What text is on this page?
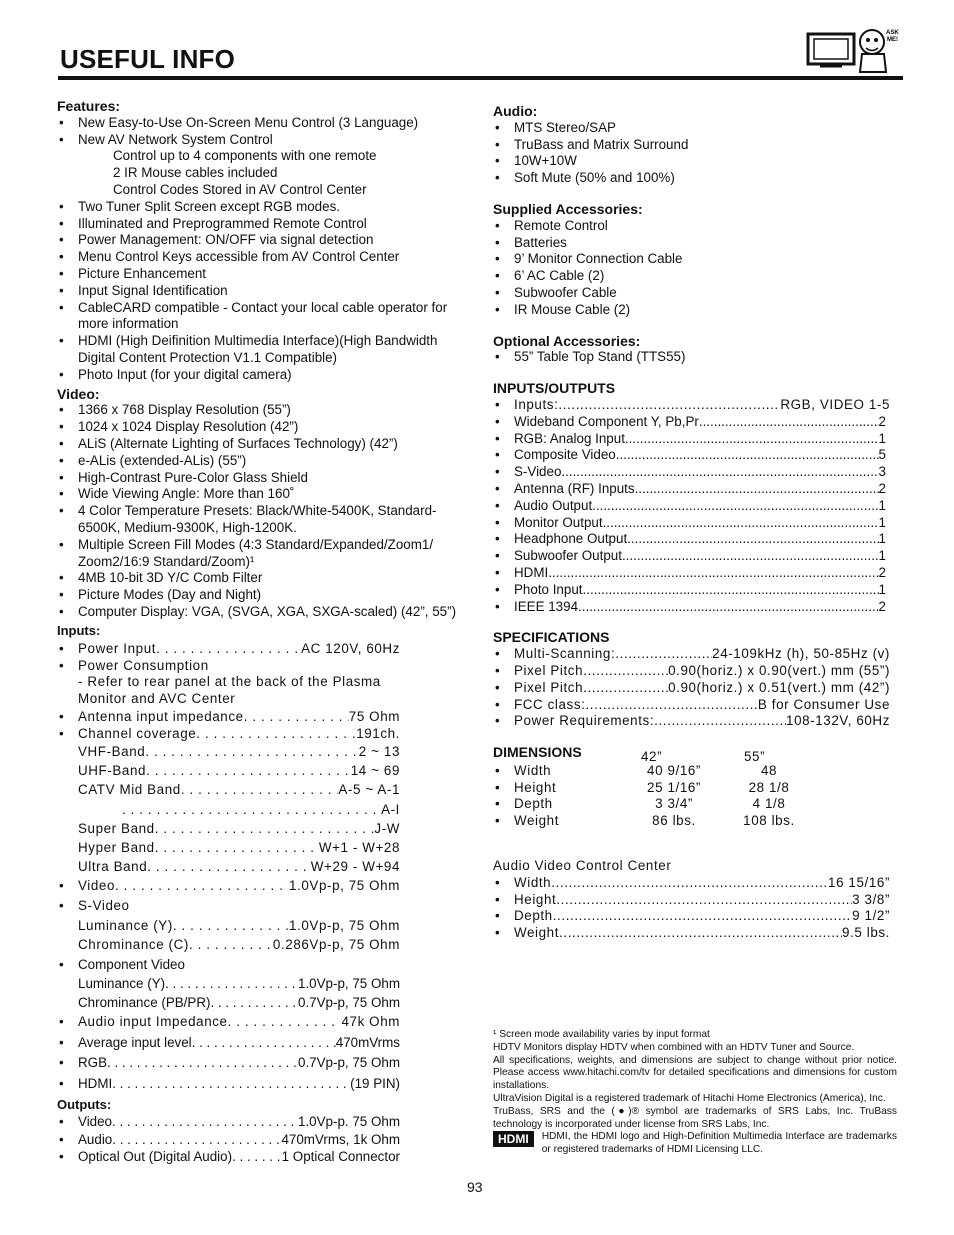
USEFUL INFO
ASK
ME!
Features:
• New Easy-to-Use On-Screen Menu Control (3 Language)
• New AV Network System Control
Control up to 4 components with one remote
2 IR Mouse cables included
Control Codes Stored in AV Control Center
• Two Tuner Split Screen except RGB modes.
• Illuminated and Preprogrammed Remote Control
• Power Management: ON/OFF via signal detection
• Menu Control Keys accessible from AV Control Center
• Picture Enhancement
• Input Signal Identification
• CableCARD compatible - Contact your local cable operator for more information
• HDMI (High Deifinition Multimedia Interface)(High Bandwidth Digital Content Protection V1.1 Compatible)
• Photo Input (for your digital camera)
Video:
• 1366 x 768 Display Resolution (55”)
• 1024 x 1024 Display Resolution (42”)
• ALiS (Alternate Lighting of Surfaces Technology) (42”)
• e-ALis (extended-ALis) (55”)
• High-Contrast Pure-Color Glass Shield
• Wide Viewing Angle: More than 160˚
• 4 Color Temperature Presets: Black/White-5400K, Standard-6500K, Medium-9300K, High-1200K.
• Multiple Screen Fill Modes (4:3 Standard/Expanded/Zoom1/ Zoom2/16:9 Standard/Zoom)¹
• 4MB 10-bit 3D Y/C Comb Filter
• Picture Modes (Day and Night)
• Computer Display: VGA, (SVGA, XGA, SXGA-scaled) (42”, 55”)
Inputs:
• Power Input . . .	AC 120V, 60Hz
• Power Consumption
- Refer to rear panel at the back of the Plasma Monitor and AVC Center
• Antenna input impedance . . .	75 Ohm
• Channel coverage . . .	191ch.
VHF-Band . . .	2 ~ 13
UHF-Band . . .	14 ~ 69
CATV Mid Band . . .	A-5 ~ A-1
. . .
A-I
Super Band . . .	J-W
Hyper Band . . .	W+1 - W+28
Ultra Band . . .	W+29 - W+94
• Video . . .	1.0Vp-p, 75 Ohm
• S-Video
Luminance (Y) . . .	1.0Vp-p, 75 Ohm
Chrominance (C) . . .	0.286Vp-p, 75 Ohm
• Component Video
Luminance (Y) . . .	1.0Vp-p, 75 Ohm
Chrominance (PB/PR) . . .	0.7Vp-p, 75 Ohm
• Audio input Impedance . . .	47k Ohm
• Average input level . . .	470mVrms
• RGB . . .	0.7Vp-p, 75 Ohm
• HDMI . . .	(19 PIN)
Outputs:
• Video . . .	1.0Vp-p. 75 Ohm
• Audio . . .	470mVrms, 1k Ohm
• Optical Out (Digital Audio) . . .	1 Optical Connector
Audio:
• MTS Stereo/SAP
• TruBass and Matrix Surround
• 10W+10W
• Soft Mute (50% and 100%)
Supplied Accessories:
• Remote Control
• Batteries
• 9’ Monitor Connection Cable
• 6’ AC Cable (2)
• Subwoofer Cable
• IR Mouse Cable (2)
Optional Accessories:
• 55” Table Top Stand (TTS55)
INPUTS/OUTPUTS
• Inputs: .....	RGB, VIDEO 1-5
• Wideband Component Y, Pb,Pr .....	2
• RGB: Analog Input .....	1
• Composite Video .....	5
• S-Video .....	3
• Antenna (RF) Inputs .....	2
• Audio Output .....	1
• Monitor Output .....	1
• Headphone Output .....	1
• Subwoofer Output .....	1
• HDMI .....	2
• Photo Input .....	1
• IEEE 1394 .....	2
SPECIFICATIONS
• Multi-Scanning: .....	24-109kHz (h), 50-85Hz (v)
• Pixel Pitch .....	0.90(horiz.) x 0.90(vert.) mm (55”)
• Pixel Pitch .....	0.90(horiz.) x 0.51(vert.) mm (42”)
• FCC class: .....	B for Consumer Use
• Power Requirements: .....	108-132V, 60Hz
DIMENSIONS	42”	55”
• Width	40 9/16”	48
• Height	25 1/16”	28 1/8
• Depth	3 3/4”	4 1/8
• Weight	86 lbs.	108 lbs.
Audio Video Control Center
• Width .....	16 15/16”
• Height .....	3 3/8”
• Depth .....	9 1/2”
• Weight .....	9.5 lbs.
¹ Screen mode availability varies by input format
HDTV Monitors display HDTV when combined with an HDTV Tuner and Source.
All specifications, weights, and dimensions are subject to change without prior notice. Please access www.hitachi.com/tv for detailed specifications and dimensions for custom installations.
UltraVision Digital is a registered trademark of Hitachi Home Electronics (America), Inc.
TruBass, SRS and the (●)® symbol are trademarks of SRS Labs, Inc. TruBass technology is incorporated under license from SRS Labs, Inc.
HDMI	HDMI, the HDMI logo and High-Definition Multimedia Interface are trademarks or registered trademarks of HDMI Licensing LLC.
93
